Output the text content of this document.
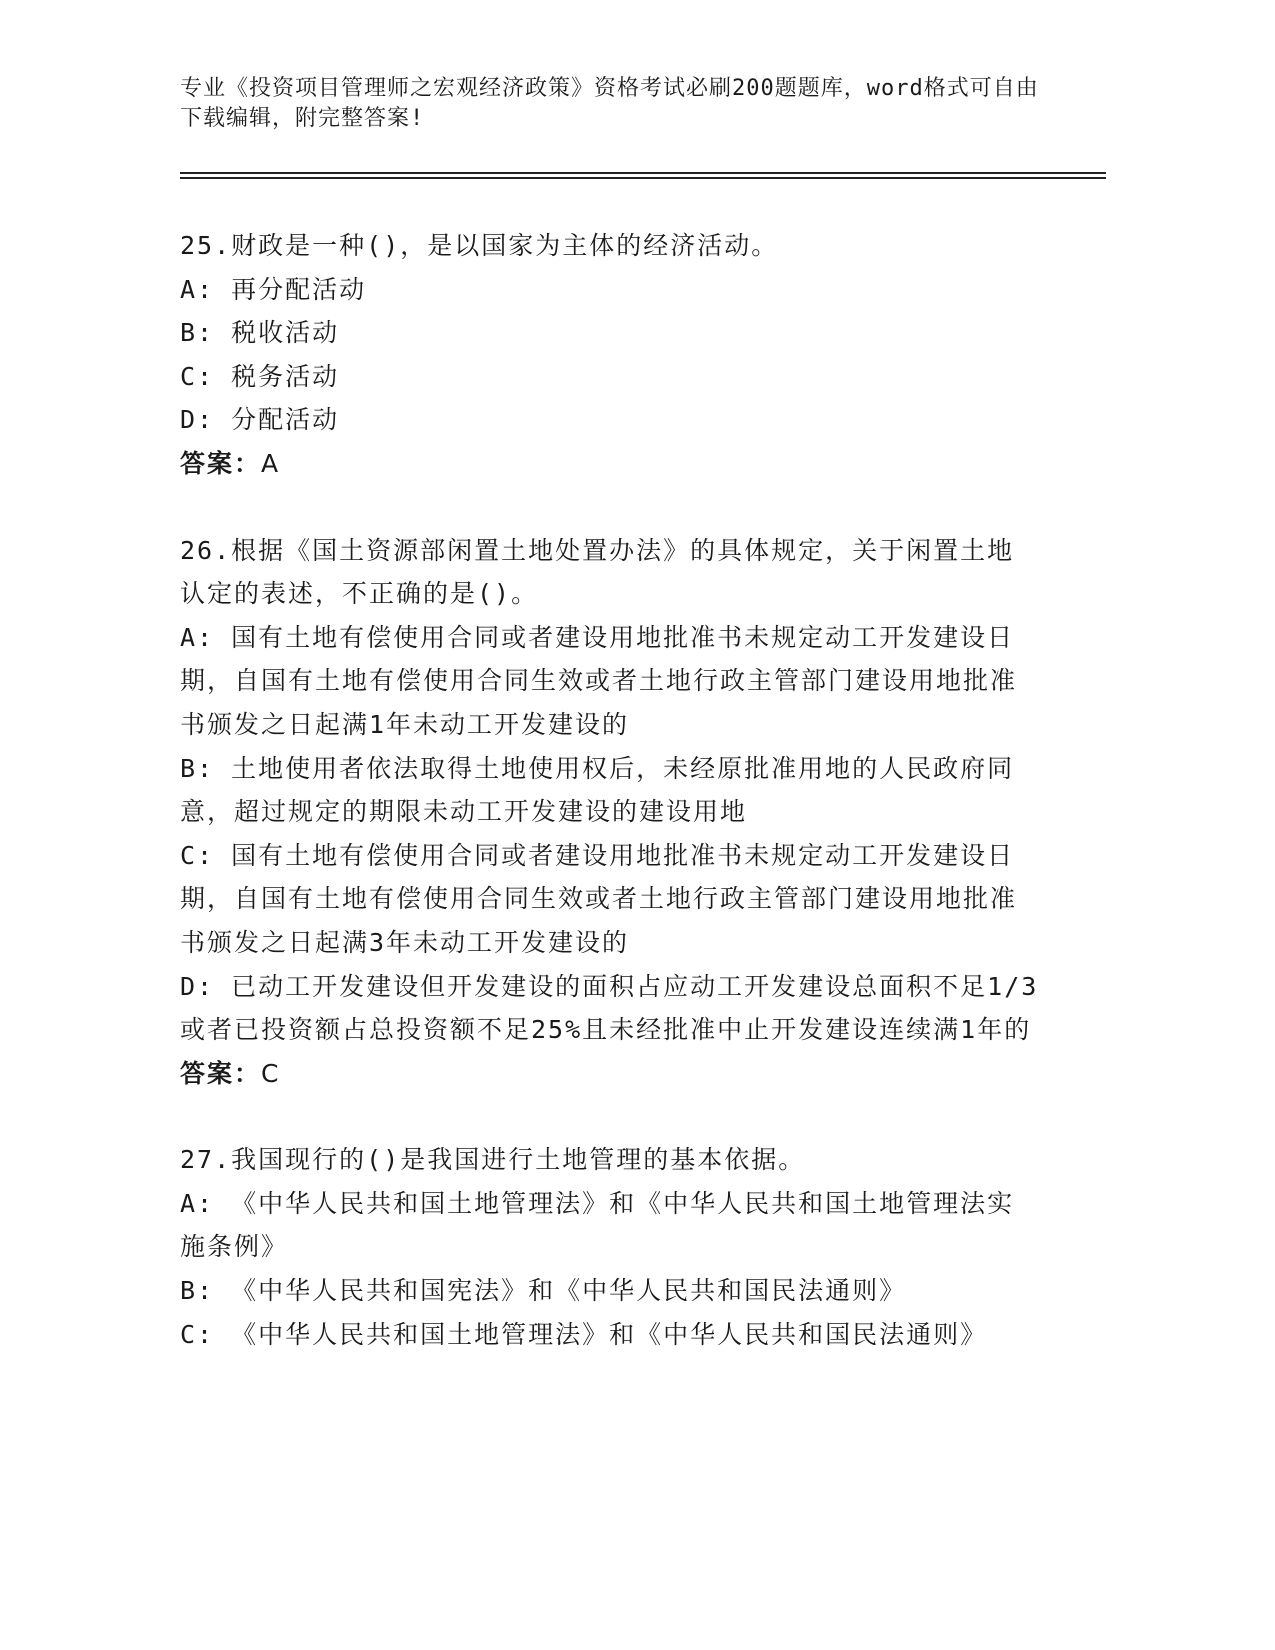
专业《投资项目管理师之宏观经济政策》资格考试必刷200题题库，word格式可自由下载编辑，附完整答案!
25.财政是一种()，是以国家为主体的经济活动。
A: 再分配活动
B: 税收活动
C: 税务活动
D: 分配活动
答案：A
26.根据《国土资源部闲置土地处置办法》的具体规定，关于闲置土地认定的表述，不正确的是()。
A: 国有土地有偿使用合同或者建设用地批准书未规定动工开发建设日期，自国有土地有偿使用合同生效或者土地行政主管部门建设用地批准书颁发之日起满1年未动工开发建设的
B: 土地使用者依法取得土地使用权后，未经原批准用地的人民政府同意，超过规定的期限未动工开发建设的建设用地
C: 国有土地有偿使用合同或者建设用地批准书未规定动工开发建设日期，自国有土地有偿使用合同生效或者土地行政主管部门建设用地批准书颁发之日起满3年未动工开发建设的
D: 已动工开发建设但开发建设的面积占应动工开发建设总面积不足1/3或者已投资额占总投资额不足25%且未经批准中止开发建设连续满1年的
答案：C
27.我国现行的()是我国进行土地管理的基本依据。
A: 《中华人民共和国土地管理法》和《中华人民共和国土地管理法实施条例》
B: 《中华人民共和国宪法》和《中华人民共和国民法通则》
C: 《中华人民共和国土地管理法》和《中华人民共和国民法通则》
